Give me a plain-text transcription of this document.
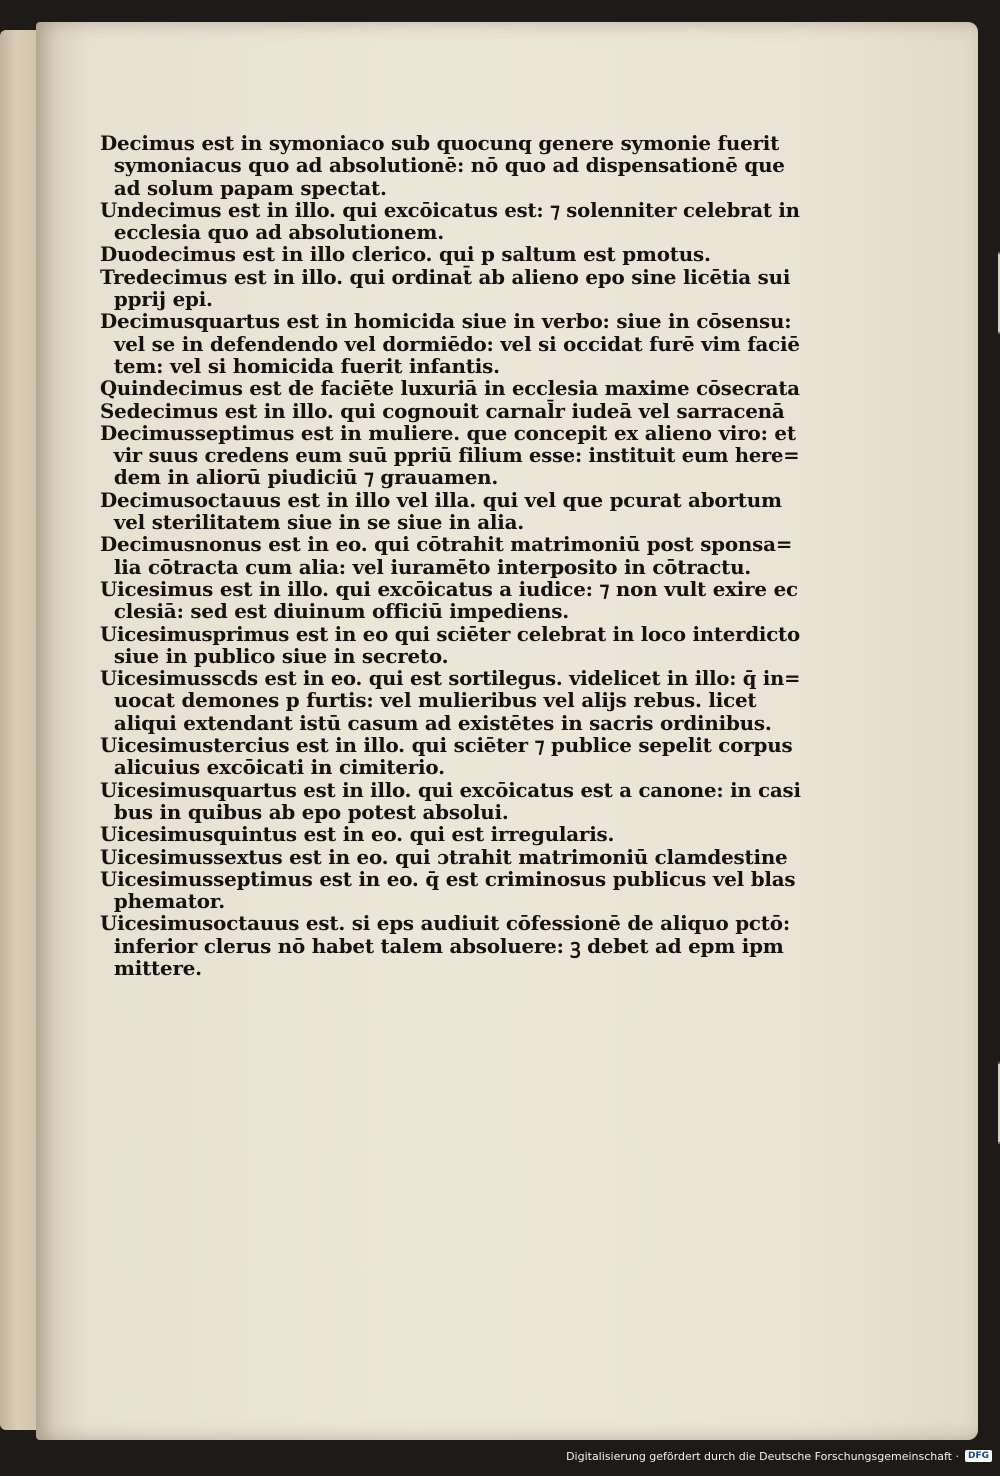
Decimus est in symoniaco sub quocunq genere symonie fuerit
symoniacus quo ad absolutionē: nō quo ad dispensationē que
ad solum papam spectat.
Undecimus est in illo. qui excōicatus est: ⁊ solenniter celebrat in
ecclesia quo ad absolutionem.
Duodecimus est in illo clerico. qui p saltum est pmotus.
Tredecimus est in illo. qui ordinat̄ ab alieno epo sine licētia sui
pprij epi.
Decimusquartus est in homicida siue in verbo: siue in cōsensu:
vel se in defendendo vel dormiēdo: vel si occidat furē vim faciē
tem: vel si homicida fuerit infantis.
Quindecimus est de faciēte luxuriā in ecclesia maxime cōsecrata
Sedecimus est in illo. qui cognouit carnal̄r iudeā vel sarracenā
Decimusseptimus est in muliere. que concepit ex alieno viro: et
vir suus credens eum suū ppriū filium esse: instituit eum here=
dem in aliorū piudiciū ⁊ grauamen.
Decimusoctauus est in illo vel illa. qui vel que pcurat abortum
vel sterilitatem siue in se siue in alia.
Decimusnonus est in eo. qui cōtrahit matrimoniū post sponsa=
lia cōtracta cum alia: vel iuramēto interposito in cōtractu.
Uicesimus est in illo. qui excōicatus a iudice: ⁊ non vult exire ec
clesiā: sed est diuinum officiū impediens.
Uicesimusprimus est in eo qui sciēter celebrat in loco interdicto
siue in publico siue in secreto.
Uicesimusscds est in eo. qui est sortilegus. videlicet in illo: q̄ in=
uocat demones p furtis: vel mulieribus vel alijs rebus. licet
aliqui extendant istū casum ad existētes in sacris ordinibus.
Uicesimustercius est in illo. qui sciēter ⁊ publice sepelit corpus
alicuius excōicati in cimiterio.
Uicesimusquartus est in illo. qui excōicatus est a canone: in casi
bus in quibus ab epo potest absolui.
Uicesimusquintus est in eo. qui est irregularis.
Uicesimussextus est in eo. qui ɔtrahit matrimoniū clamdestine
Uicesimusseptimus est in eo. q̄ est criminosus publicus vel blas
phemator.
Uicesimusoctauus est. si eps audiuit cōfessionē de aliquo pctō:
inferior clerus nō habet talem absoluere: ꝫ debet ad epm ipm
mittere.
Digitalisierung gefördert durch die Deutsche Forschungsgemeinschaft ·	DFG
